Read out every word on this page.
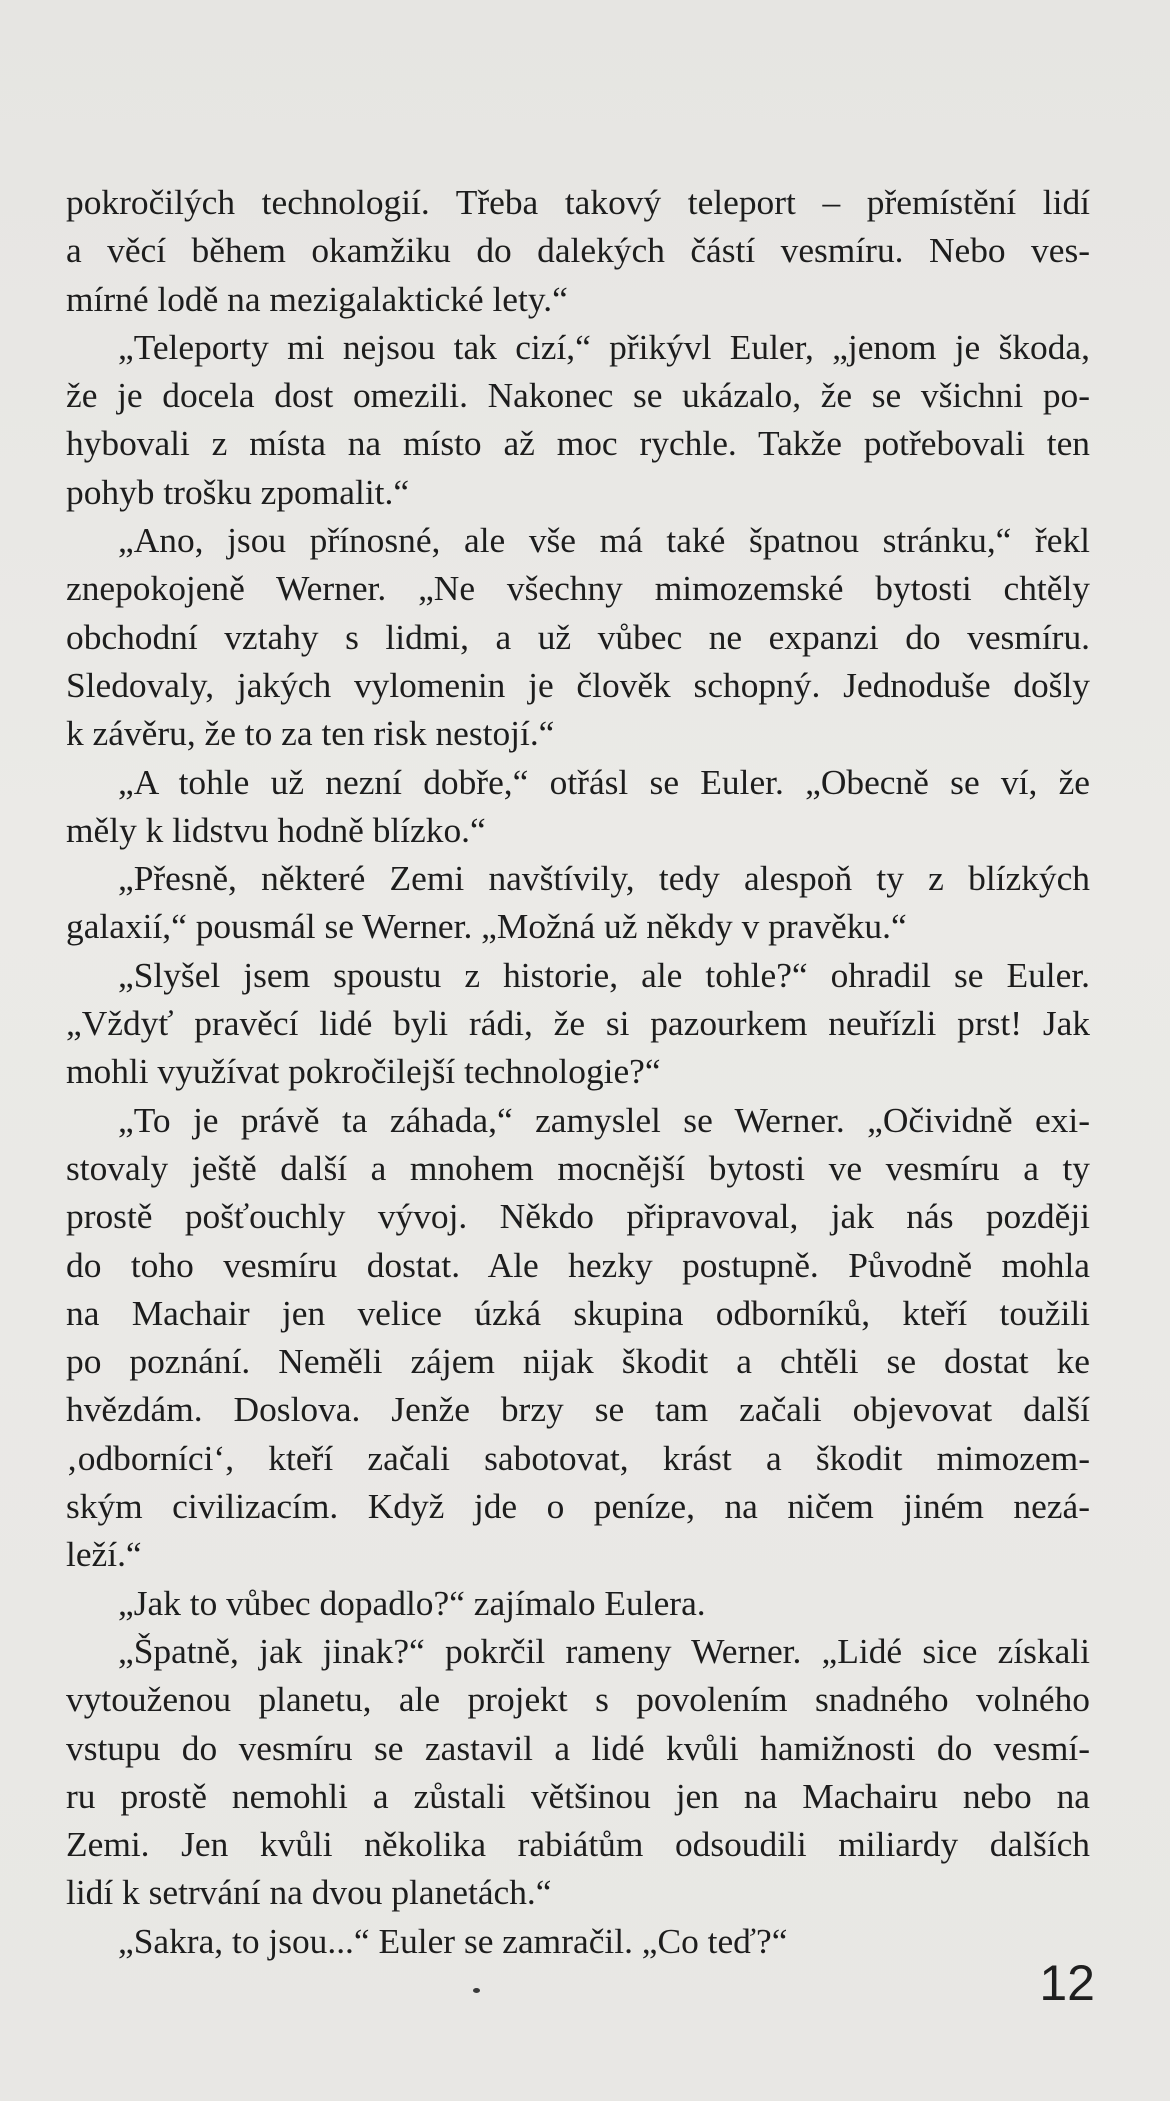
pokročilých technologií. Třeba takový teleport – přemístění lidí
a věcí během okamžiku do dalekých částí vesmíru. Nebo ves-
mírné lodě na mezigalaktické lety.“
„Teleporty mi nejsou tak cizí,“ přikývl Euler, „jenom je škoda,
že je docela dost omezili. Nakonec se ukázalo, že se všichni po-
hybovali z místa na místo až moc rychle. Takže potřebovali ten
pohyb trošku zpomalit.“
„Ano, jsou přínosné, ale vše má také špatnou stránku,“ řekl
znepokojeně Werner. „Ne všechny mimozemské bytosti chtěly
obchodní vztahy s lidmi, a už vůbec ne expanzi do vesmíru.
Sledovaly, jakých vylomenin je člověk schopný. Jednoduše došly
k závěru, že to za ten risk nestojí.“
„A tohle už nezní dobře,“ otřásl se Euler. „Obecně se ví, že
měly k lidstvu hodně blízko.“
„Přesně, některé Zemi navštívily, tedy alespoň ty z blízkých
galaxií,“ pousmál se Werner. „Možná už někdy v pravěku.“
„Slyšel jsem spoustu z historie, ale tohle?“ ohradil se Euler.
„Vždyť pravěcí lidé byli rádi, že si pazourkem neuřízli prst! Jak
mohli využívat pokročilejší technologie?“
„To je právě ta záhada,“ zamyslel se Werner. „Očividně exi-
stovaly ještě další a mnohem mocnější bytosti ve vesmíru a ty
prostě pošťouchly vývoj. Někdo připravoval, jak nás později
do toho vesmíru dostat. Ale hezky postupně. Původně mohla
na Machair jen velice úzká skupina odborníků, kteří toužili
po poznání. Neměli zájem nijak škodit a chtěli se dostat ke
hvězdám. Doslova. Jenže brzy se tam začali objevovat další
‚odborníci‘, kteří začali sabotovat, krást a škodit mimozem-
ským civilizacím. Když jde o peníze, na ničem jiném nezá-
leží.“
„Jak to vůbec dopadlo?“ zajímalo Eulera.
„Špatně, jak jinak?“ pokrčil rameny Werner. „Lidé sice získali
vytouženou planetu, ale projekt s povolením snadného volného
vstupu do vesmíru se zastavil a lidé kvůli hamižnosti do vesmí-
ru prostě nemohli a zůstali většinou jen na Machairu nebo na
Zemi. Jen kvůli několika rabiátům odsoudili miliardy dalších
lidí k setrvání na dvou planetách.“
„Sakra, to jsou...“ Euler se zamračil. „Co teď?“
12
